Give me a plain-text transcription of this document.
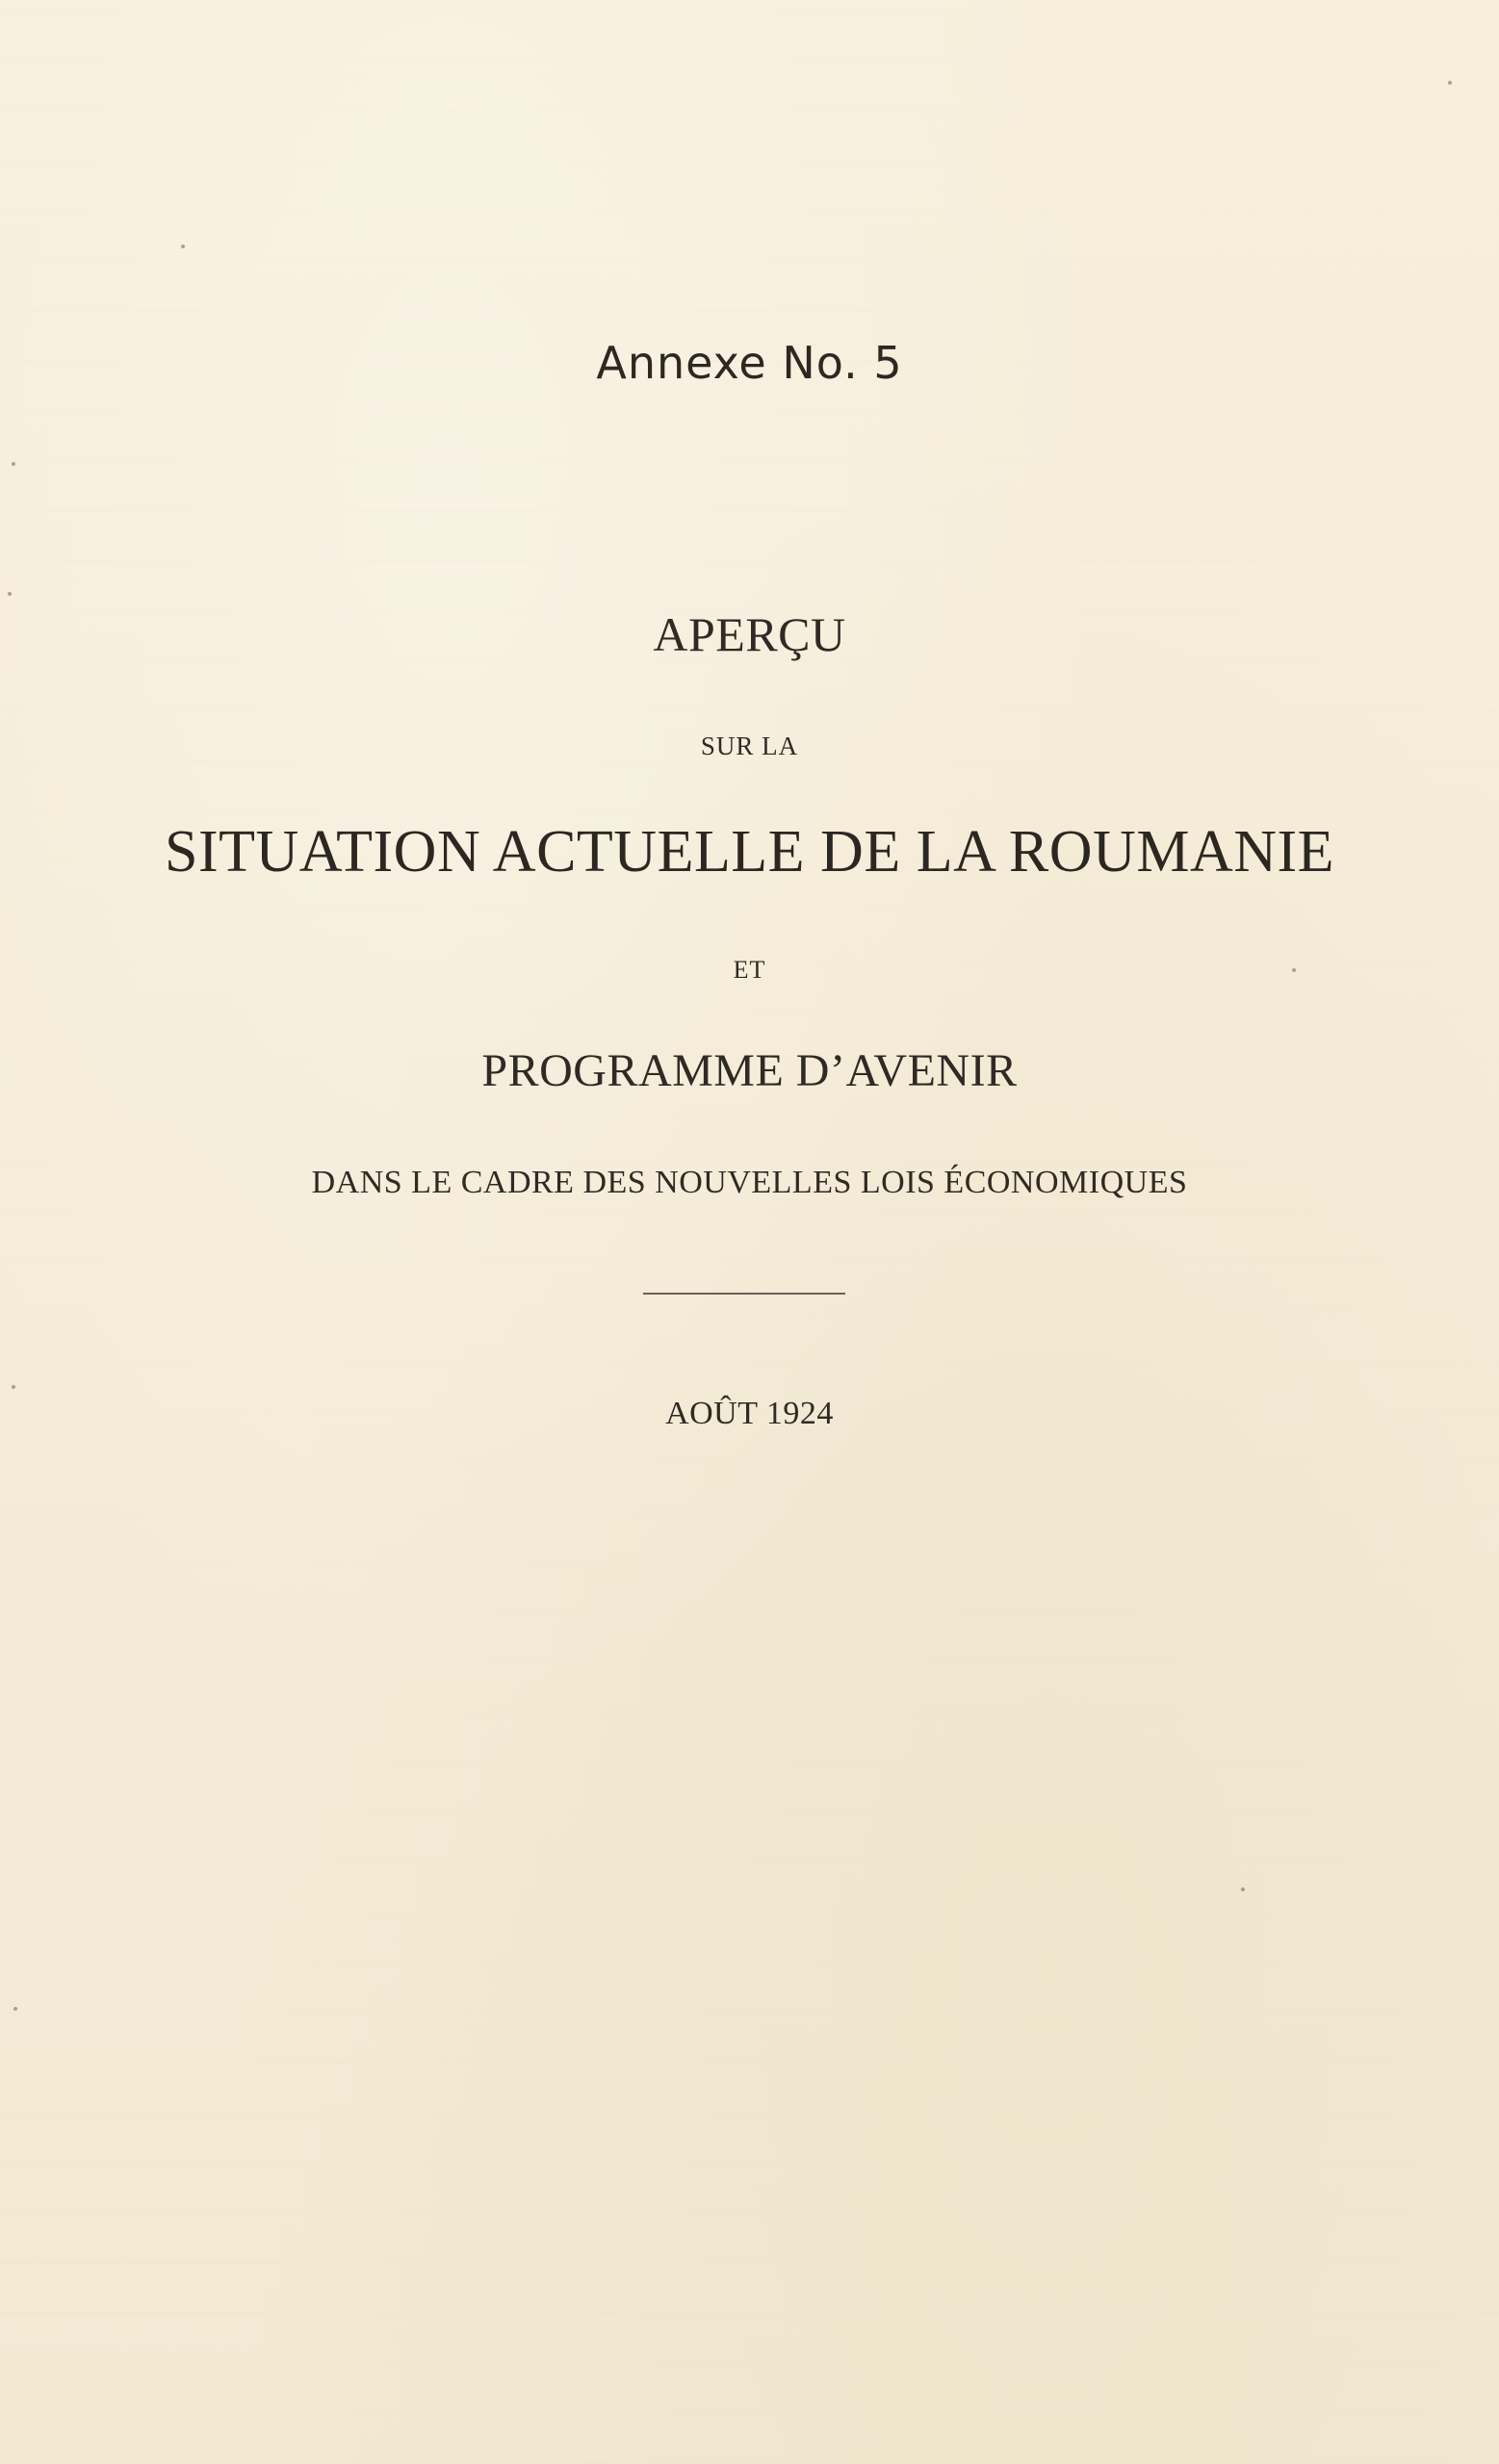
Annexe No. 5
APERÇU
SUR LA
SITUATION ACTUELLE DE LA ROUMANIE
ET
PROGRAMME D’AVENIR
DANS LE CADRE DES NOUVELLES LOIS ÉCONOMIQUES
AOÛT 1924
